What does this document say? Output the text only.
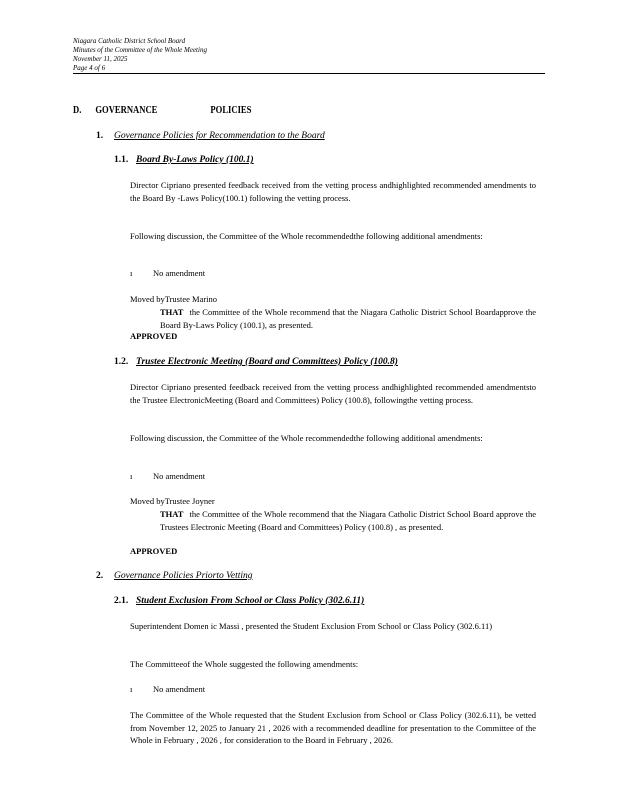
Niagara Catholic District School Board
Minutes of the Committee of the Whole Meeting
November 11, 2025
Page 4 of 6
D. GOVERNANCE	POLICIES
1. Governance Policies for Recommendation to the Board
1.1. Board By-Laws Policy (100.1)
Director Cipriano presented feedback received from the vetting process andhighlighted recommended amendments to the Board By -Laws Policy(100.1) following the vetting process.
Following discussion, the Committee of the Whole recommendedthe following additional amendments:
ı No amendment
Moved byTrustee Marino
THAT the Committee of the Whole recommend that the Niagara Catholic District School Boardapprove the Board By-Laws Policy (100.1), as presented.
APPROVED
1.2. Trustee Electronic Meeting (Board and Committees) Policy (100.8)
Director Cipriano presented feedback received from the vetting process andhighlighted recommended amendmentsto the Trustee ElectronicMeeting (Board and Committees) Policy (100.8), followingthe vetting process.
Following discussion, the Committee of the Whole recommendedthe following additional amendments:
ı No amendment
Moved byTrustee Joyner
THAT the Committee of the Whole recommend that the Niagara Catholic District School Board approve the Trustees Electronic Meeting (Board and Committees) Policy (100.8) , as presented.
APPROVED
2. Governance Policies Priorto Vetting
2.1. Student Exclusion From School or Class Policy (302.6.11)
Superintendent Domen ic Massi , presented the Student Exclusion From School or Class Policy (302.6.11)
The Committeeof the Whole suggested the following amendments:
ı No amendment
The Committee of the Whole requested that the Student Exclusion from School or Class Policy (302.6.11), be vetted from November 12, 2025 to January 21 , 2026 with a recommended deadline for presentation to the Committee of the Whole in February , 2026 , for consideration to the Board in February , 2026.
